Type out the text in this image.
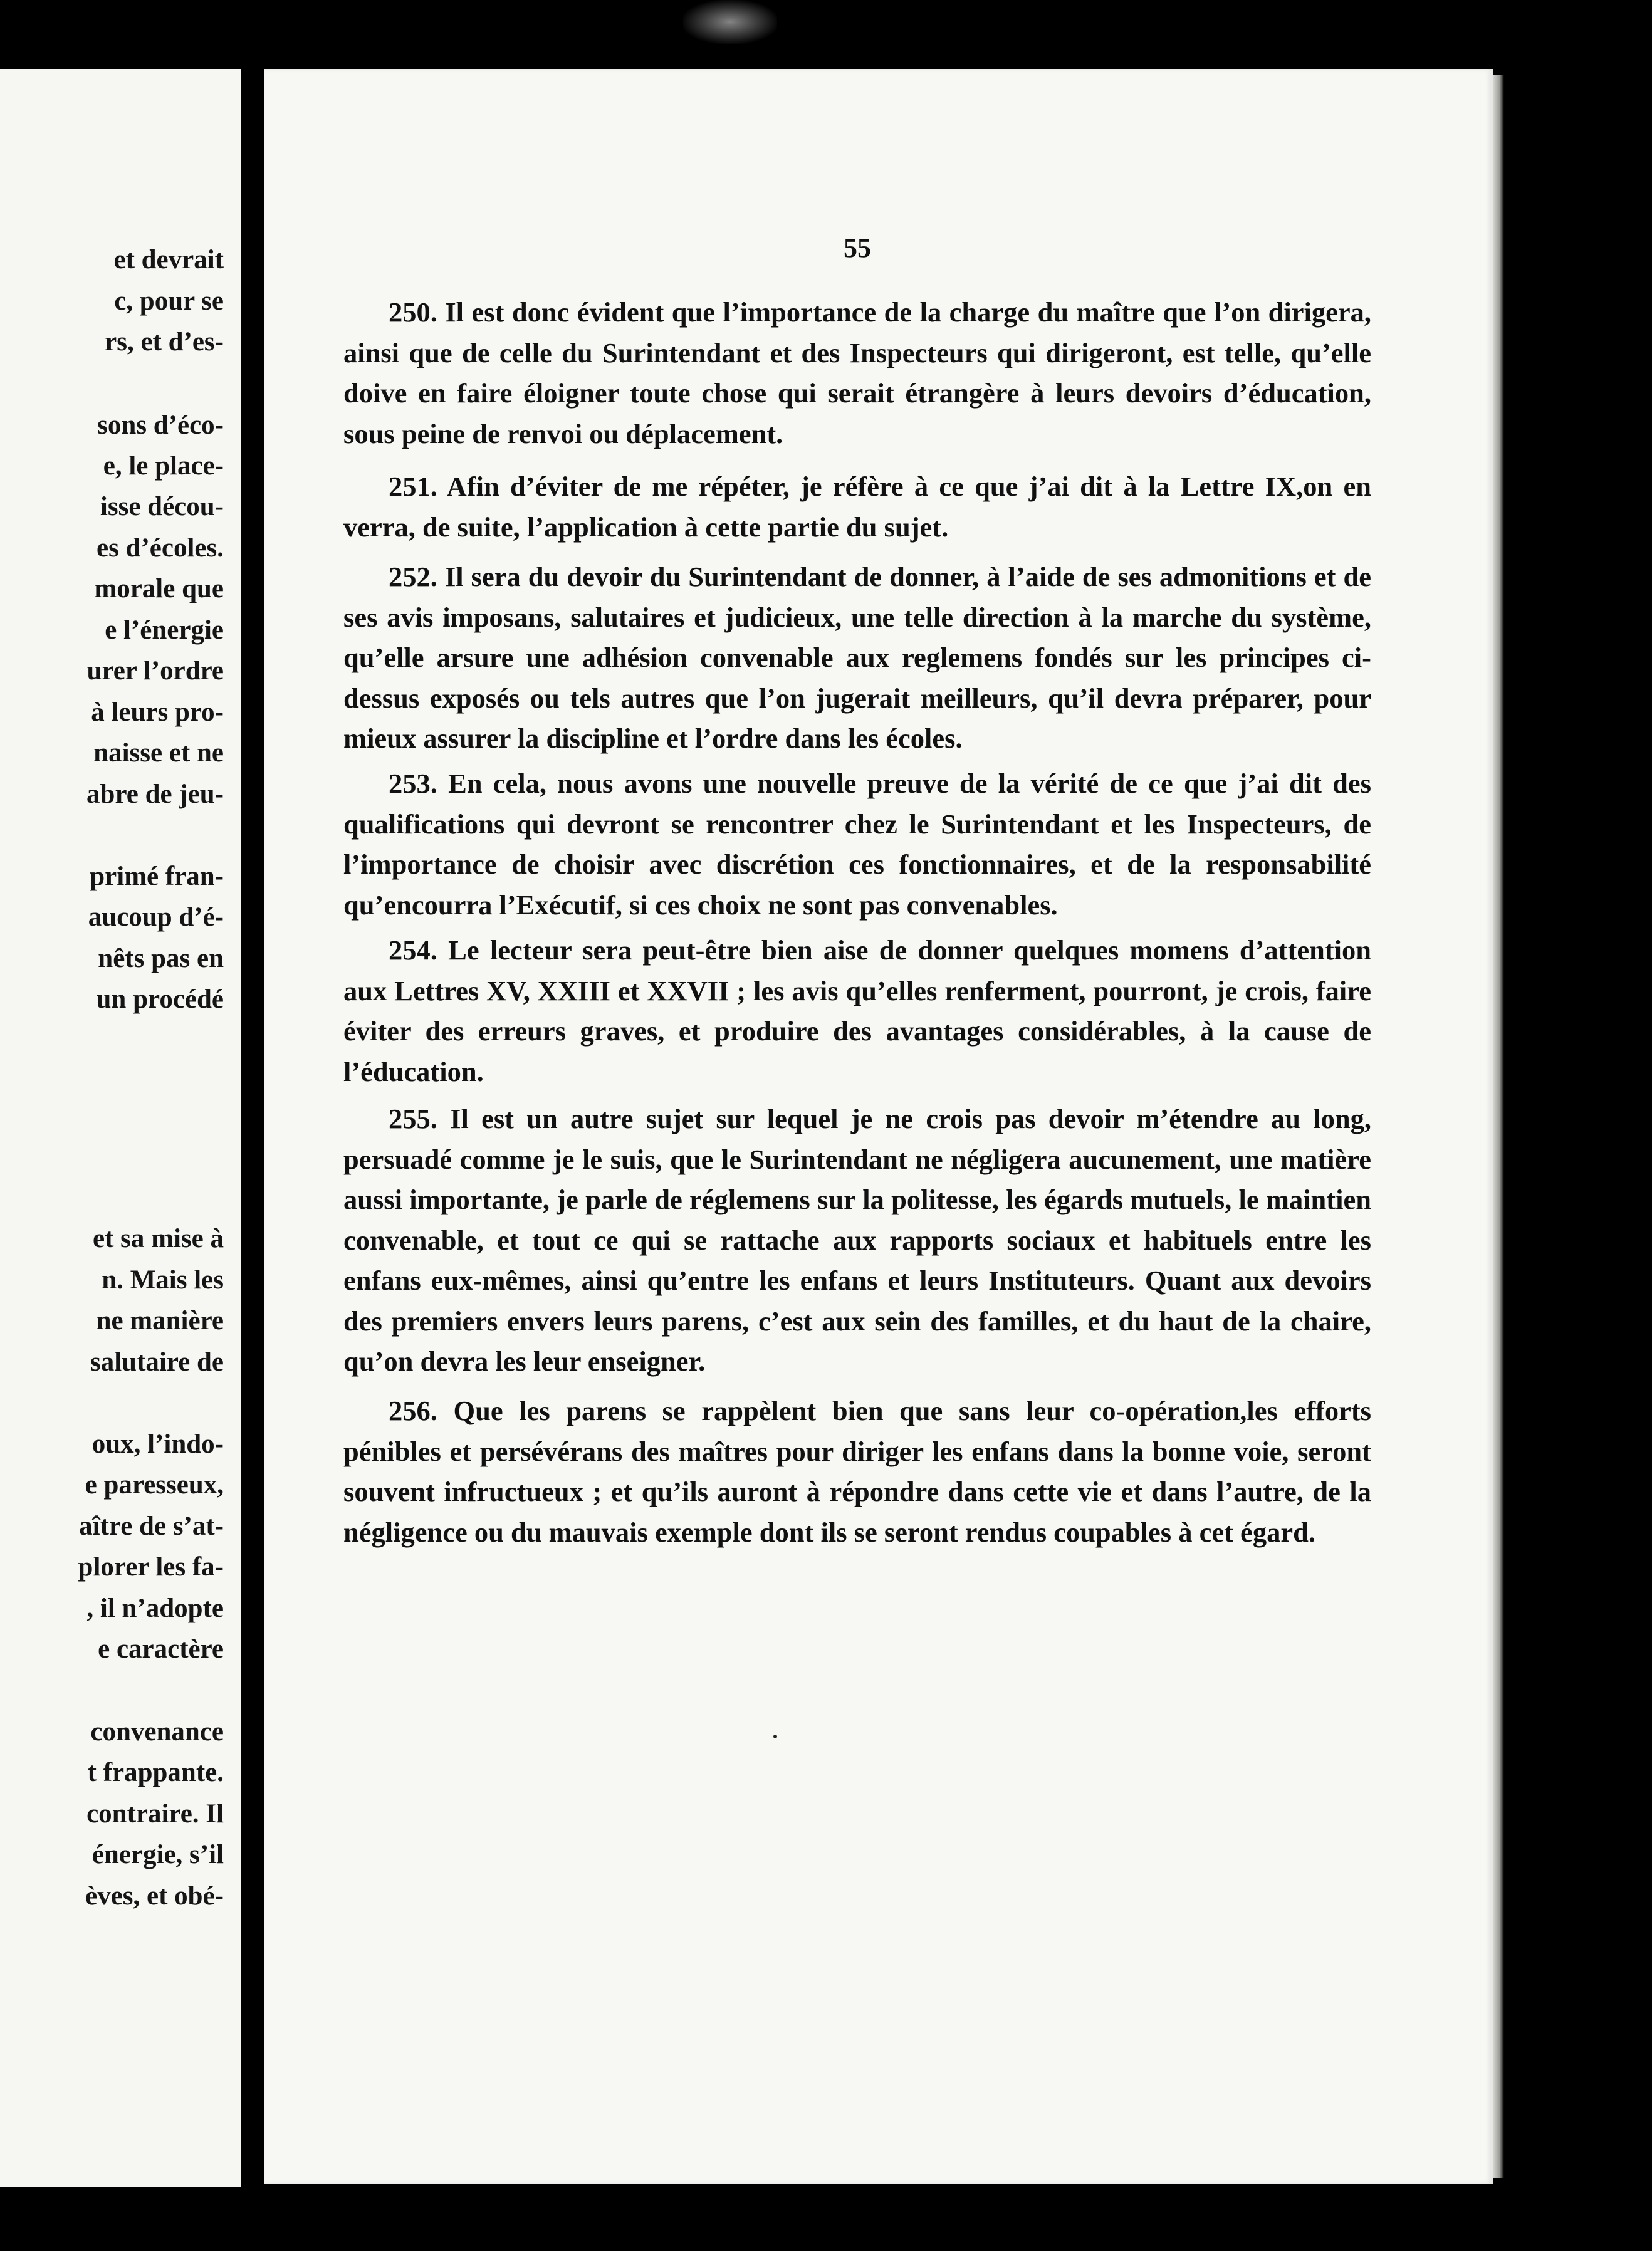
et devrait
c, pour se
rs, et d’es-
sons d’éco-
e, le place-
isse décou-
es d’écoles.
morale que
e l’énergie
urer l’ordre
à leurs pro-
naisse et ne
abre de jeu-
primé fran-
aucoup d’é-
nêts pas en
un procédé
et sa mise à
n. Mais les
ne manière
salutaire de
oux, l’indo-
e paresseux,
aître de s’at-
plorer les fa-
, il n’adopte
e caractère
convenance
t frappante.
contraire. Il
énergie, s’il
èves, et obé-
55

250. Il est donc évident que l’importance de la charge du maître que l’on dirigera, ainsi que de celle du Surintendant et des Inspecteurs qui dirigeront, est telle, qu’elle doive en faire éloigner toute chose qui serait étrangère à leurs devoirs d’éducation, sous peine de renvoi ou déplacement.

251. Afin d’éviter de me répéter, je réfère à ce que j’ai dit à la Lettre IX,on en verra, de suite, l’application à cette partie du sujet.

252. Il sera du devoir du Surintendant de donner, à l’aide de ses admonitions et de ses avis imposans, salutaires et judicieux, une telle direction à la marche du système, qu’elle arsure une adhésion convenable aux reglemens fondés sur les principes ci-dessus exposés ou tels autres que l’on jugerait meilleurs, qu’il devra préparer, pour mieux assurer la discipline et l’ordre dans les écoles.

253. En cela, nous avons une nouvelle preuve de la vérité de ce que j’ai dit des qualifications qui devront se rencontrer chez le Surintendant et les Inspecteurs, de l’importance de choisir avec discrétion ces fonctionnaires, et de la responsabilité qu’encourra l’Exécutif, si ces choix ne sont pas convenables.

254. Le lecteur sera peut-être bien aise de donner quelques momens d’attention aux Lettres XV, XXIII et XXVII ; les avis qu’elles renferment, pourront, je crois, faire éviter des erreurs graves, et produire des avantages considérables, à la cause de l’éducation.

255. Il est un autre sujet sur lequel je ne crois pas devoir m’étendre au long, persuadé comme je le suis, que le Surintendant ne négligera aucunement, une matière aussi importante, je parle de réglemens sur la politesse, les égards mutuels, le maintien convenable, et tout ce qui se rattache aux rapports sociaux et habituels entre les enfans eux-mêmes, ainsi qu’entre les enfans et leurs Instituteurs. Quant aux devoirs des premiers envers leurs parens, c’est aux sein des familles, et du haut de la chaire, qu’on devra les leur enseigner.

256. Que les parens se rappèlent bien que sans leur co-opération,les efforts pénibles et persévérans des maîtres pour diriger les enfans dans la bonne voie, seront souvent infructueux ; et qu’ils auront à répondre dans cette vie et dans l’autre, de la négligence ou du mauvais exemple dont ils se seront rendus coupables à cet égard.
